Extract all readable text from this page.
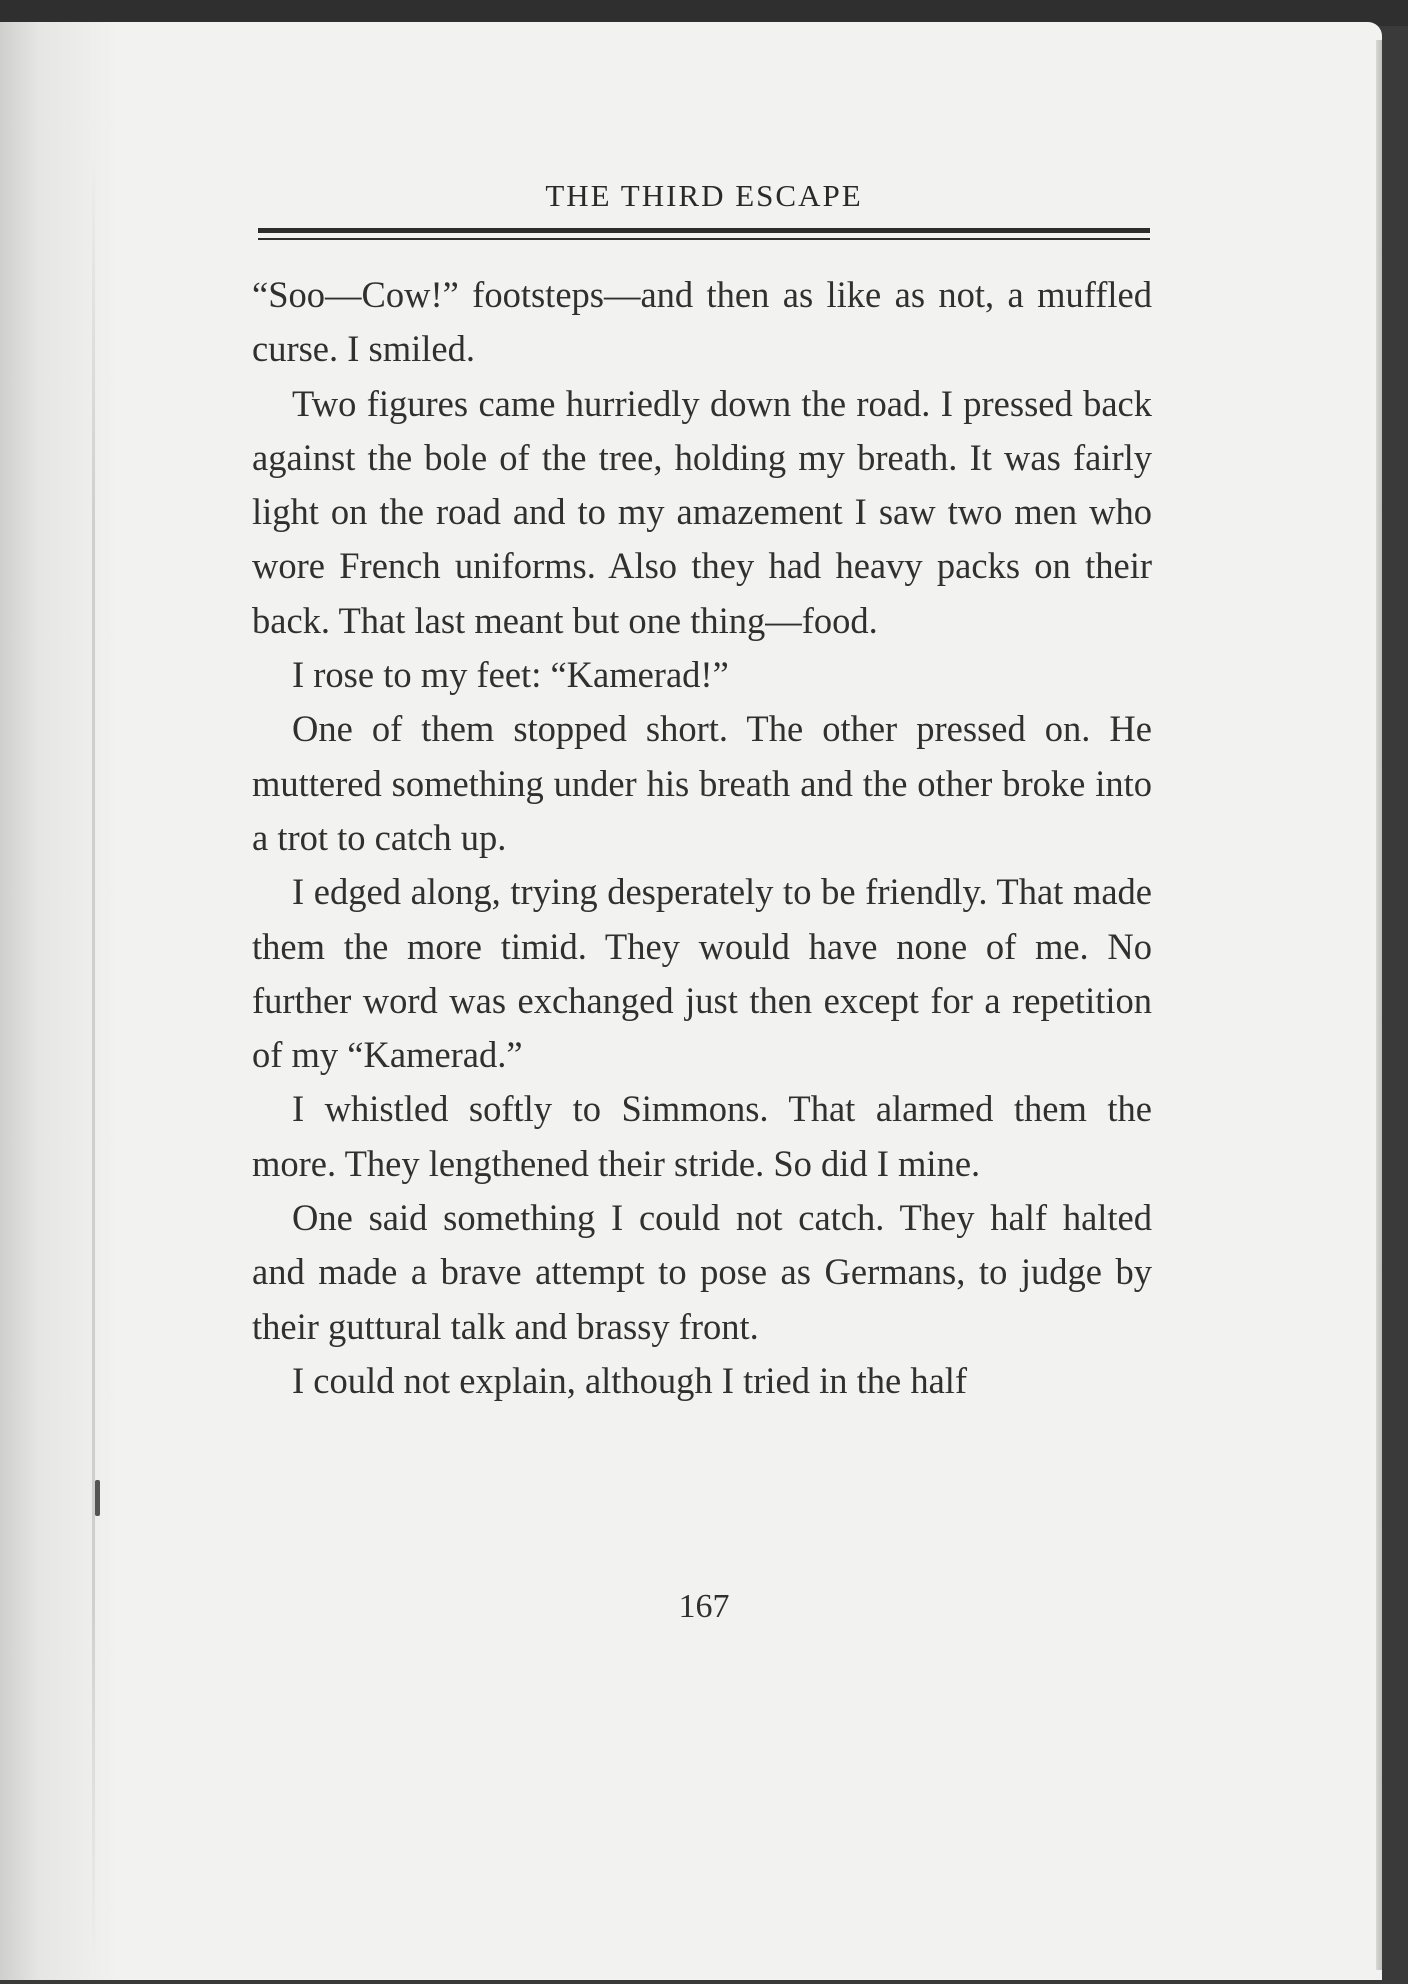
THE THIRD ESCAPE

“Soo—Cow!” footsteps—and then as like as not, a muffled curse. I smiled.

Two figures came hurriedly down the road. I pressed back against the bole of the tree, holding my breath. It was fairly light on the road and to my amazement I saw two men who wore French uniforms. Also they had heavy packs on their back. That last meant but one thing—food.

I rose to my feet: “Kamerad!”

One of them stopped short. The other pressed on. He muttered something under his breath and the other broke into a trot to catch up.

I edged along, trying desperately to be friendly. That made them the more timid. They would have none of me. No further word was exchanged just then except for a repetition of my “Kamerad.”

I whistled softly to Simmons. That alarmed them the more. They lengthened their stride. So did I mine.

One said something I could not catch. They half halted and made a brave attempt to pose as Germans, to judge by their guttural talk and brassy front.

I could not explain, although I tried in the half

167
